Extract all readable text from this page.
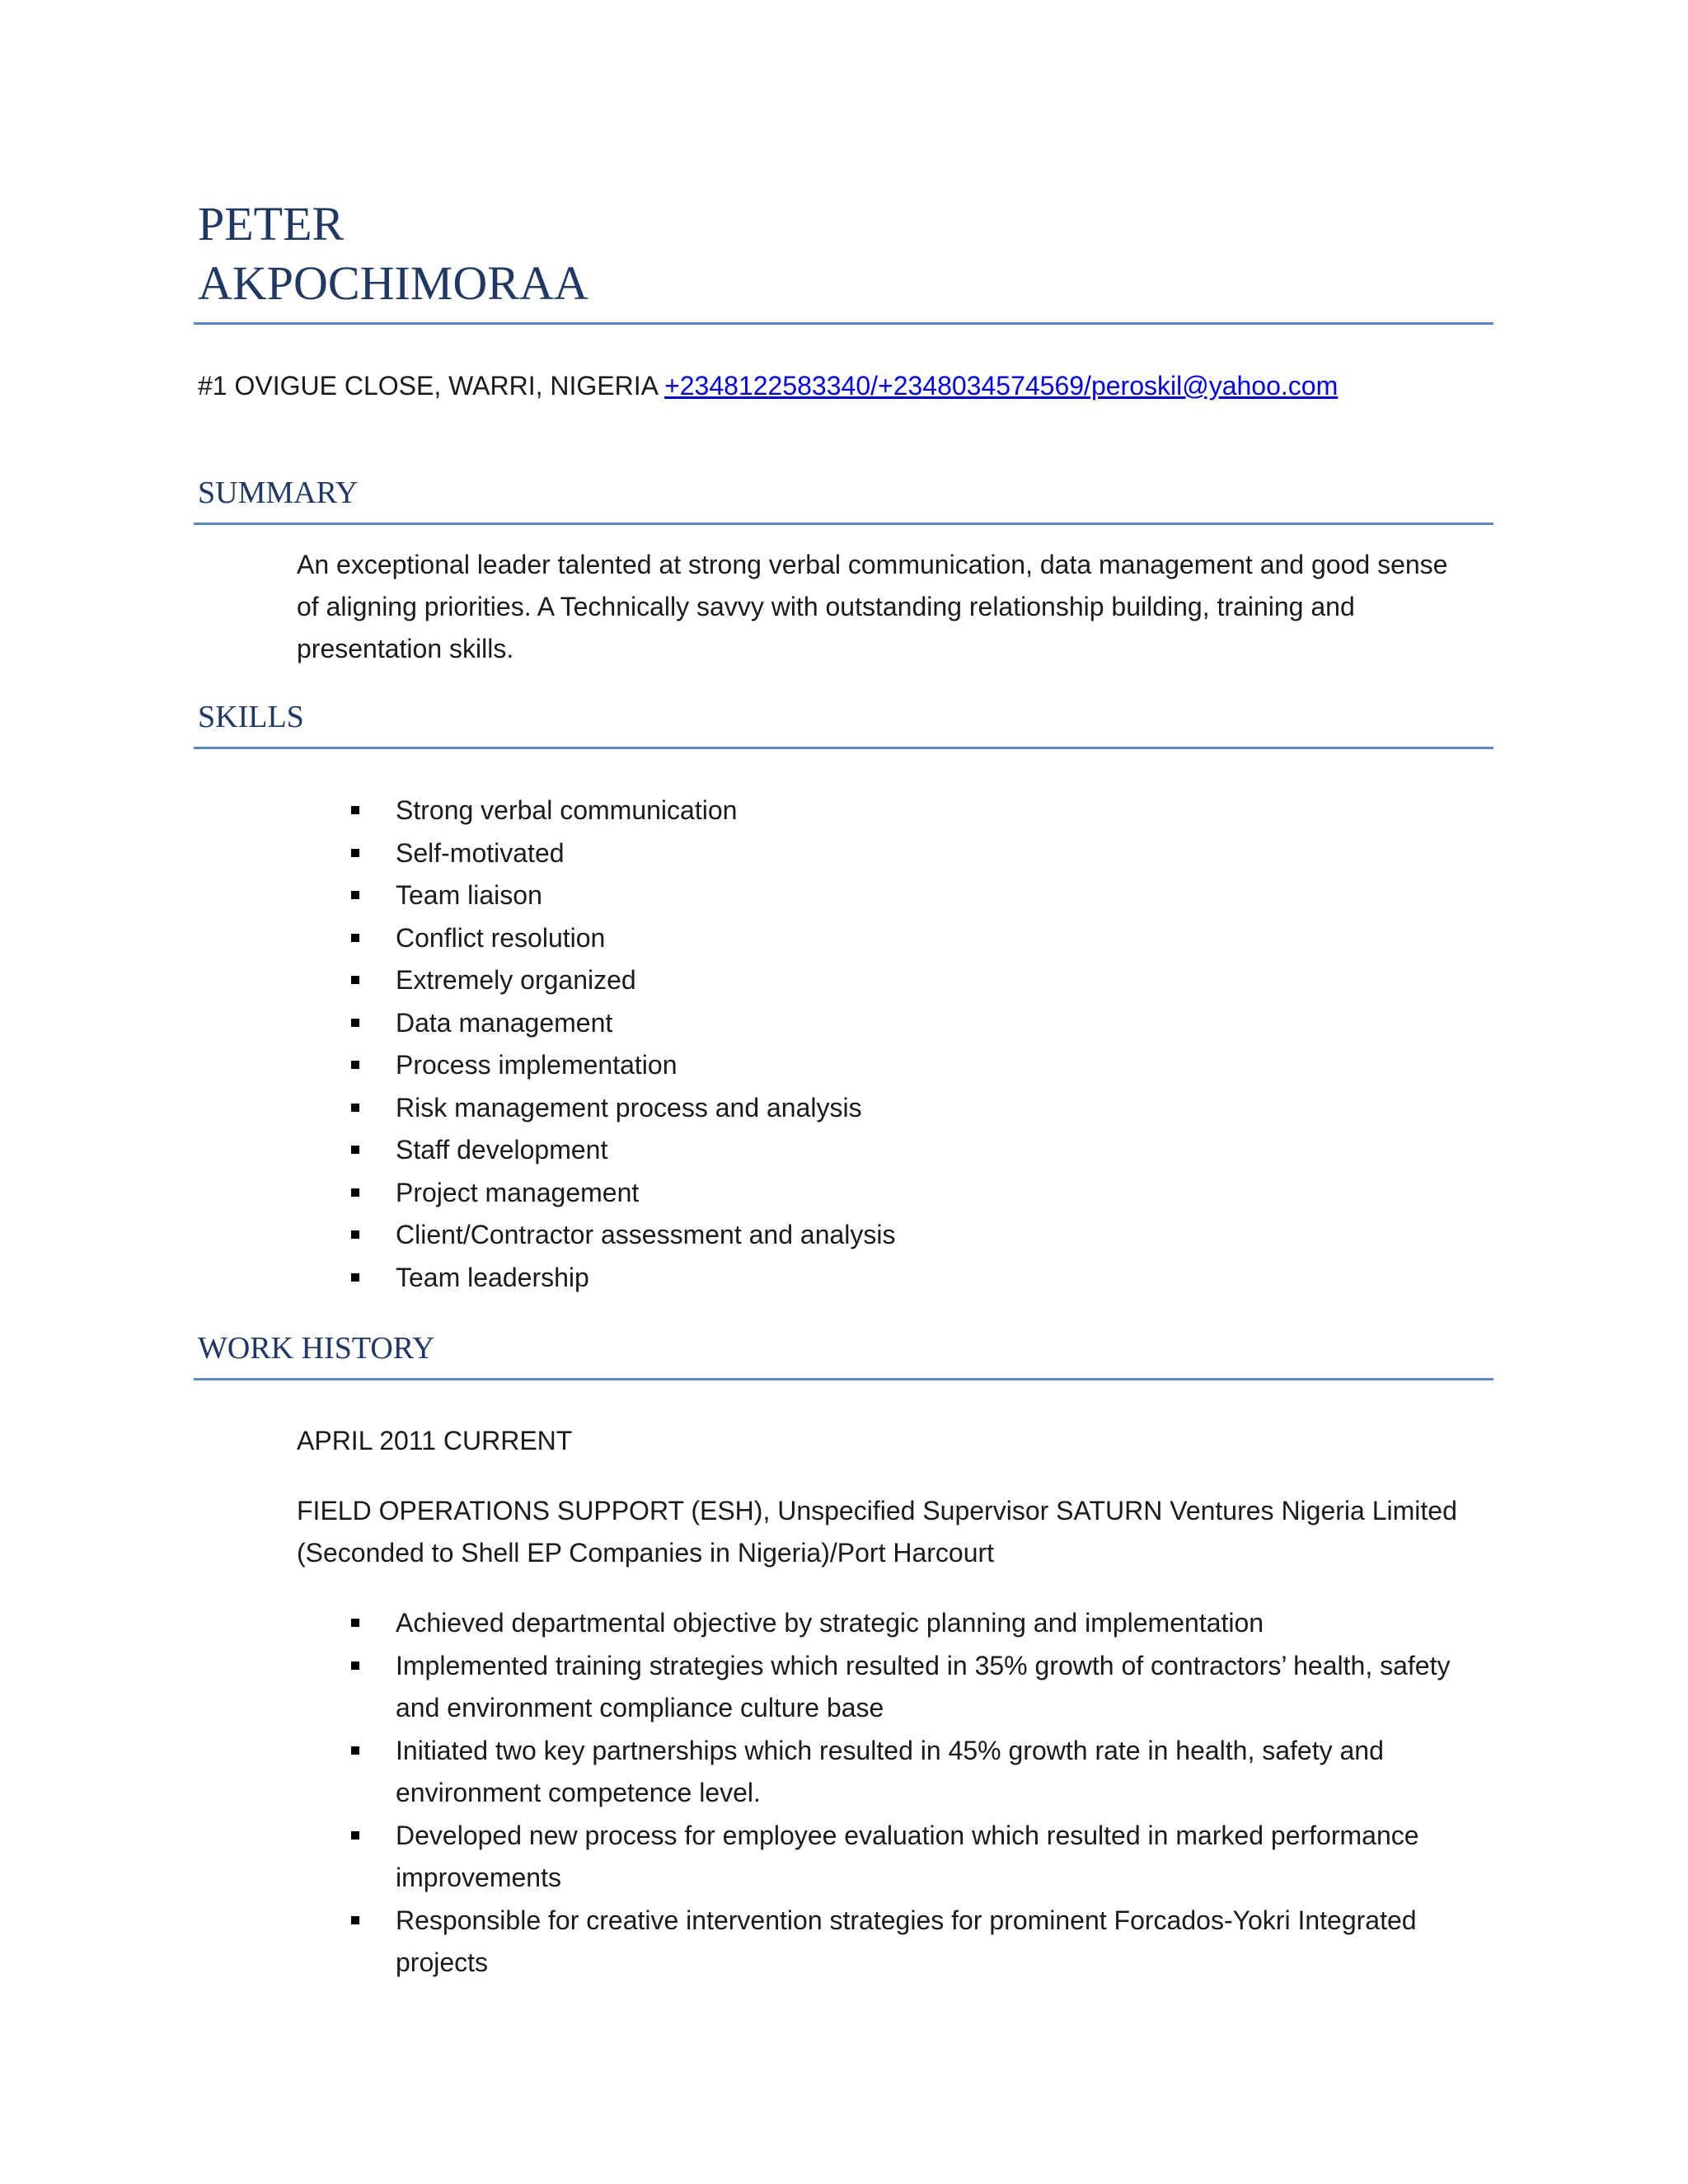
PETER
AKPOCHIMORAA
#1 OVIGUE CLOSE, WARRI, NIGERIA +2348122583340/+2348034574569/peroskil@yahoo.com
SUMMARY

An exceptional leader talented at strong verbal communication, data management and good sense of aligning priorities. A Technically savvy with outstanding relationship building, training and presentation skills.

SKILLS
Strong verbal communication
Self-motivated
Team liaison
Conflict resolution
Extremely organized
Data management
Process implementation
Risk management process and analysis
Staff development
Project management
Client/Contractor assessment and analysis
Team leadership
WORK HISTORY
APRIL 2011 CURRENT

FIELD OPERATIONS SUPPORT (ESH), Unspecified Supervisor SATURN Ventures Nigeria Limited (Seconded to Shell EP Companies in Nigeria)/Port Harcourt

Achieved departmental objective by strategic planning and implementation
Implemented training strategies which resulted in 35% growth of contractors’ health, safety and environment compliance culture base
Initiated two key partnerships which resulted in 45% growth rate in health, safety and environment competence level.
Developed new process for employee evaluation which resulted in marked performance improvements
Responsible for creative intervention strategies for prominent Forcados-Yokri Integrated projects
